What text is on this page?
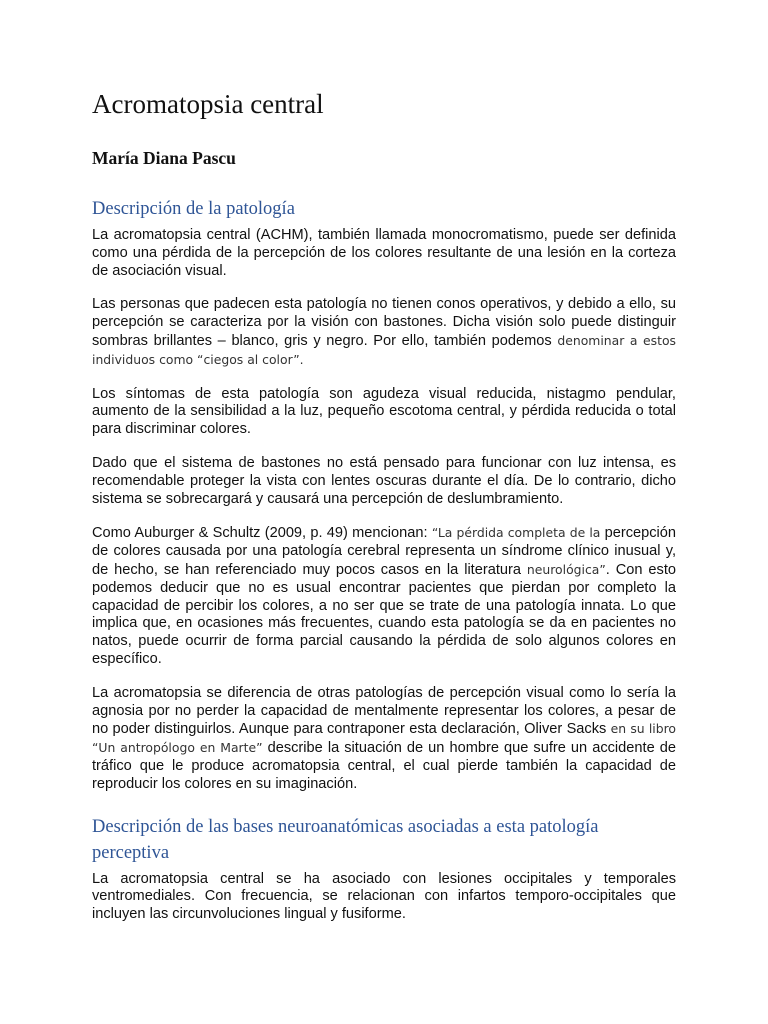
Acromatopsia central
María Diana Pascu
Descripción de la patología

La acromatopsia central (ACHM), también llamada monocromatismo, puede ser definida como una pérdida de la percepción de los colores resultante de una lesión en la corteza de asociación visual.

Las personas que padecen esta patología no tienen conos operativos, y debido a ello, su percepción se caracteriza por la visión con bastones. Dicha visión solo puede distinguir sombras brillantes – blanco, gris y negro. Por ello, también podemos denominar a estos individuos como “ciegos al color”.

Los síntomas de esta patología son agudeza visual reducida, nistagmo pendular, aumento de la sensibilidad a la luz, pequeño escotoma central, y pérdida reducida o total para discriminar colores.

Dado que el sistema de bastones no está pensado para funcionar con luz intensa, es recomendable proteger la vista con lentes oscuras durante el día. De lo contrario, dicho sistema se sobrecargará y causará una percepción de deslumbramiento.

Como Auburger & Schultz (2009, p. 49) mencionan: “La pérdida completa de la percepción de colores causada por una patología cerebral representa un síndrome clínico inusual y, de hecho, se han referenciado muy pocos casos en la literatura neurológica”. Con esto podemos deducir que no es usual encontrar pacientes que pierdan por completo la capacidad de percibir los colores, a no ser que se trate de una patología innata. Lo que implica que, en ocasiones más frecuentes, cuando esta patología se da en pacientes no natos, puede ocurrir de forma parcial causando la pérdida de solo algunos colores en específico.

La acromatopsia se diferencia de otras patologías de percepción visual como lo sería la agnosia por no perder la capacidad de mentalmente representar los colores, a pesar de no poder distinguirlos. Aunque para contraponer esta declaración, Oliver Sacks en su libro “Un antropólogo en Marte” describe la situación de un hombre que sufre un accidente de tráfico que le produce acromatopsia central, el cual pierde también la capacidad de reproducir los colores en su imaginación.

Descripción de las bases neuroanatómicas asociadas a esta patología perceptiva

La acromatopsia central se ha asociado con lesiones occipitales y temporales ventromediales. Con frecuencia, se relacionan con infartos temporo-occipitales que incluyen las circunvoluciones lingual y fusiforme.
